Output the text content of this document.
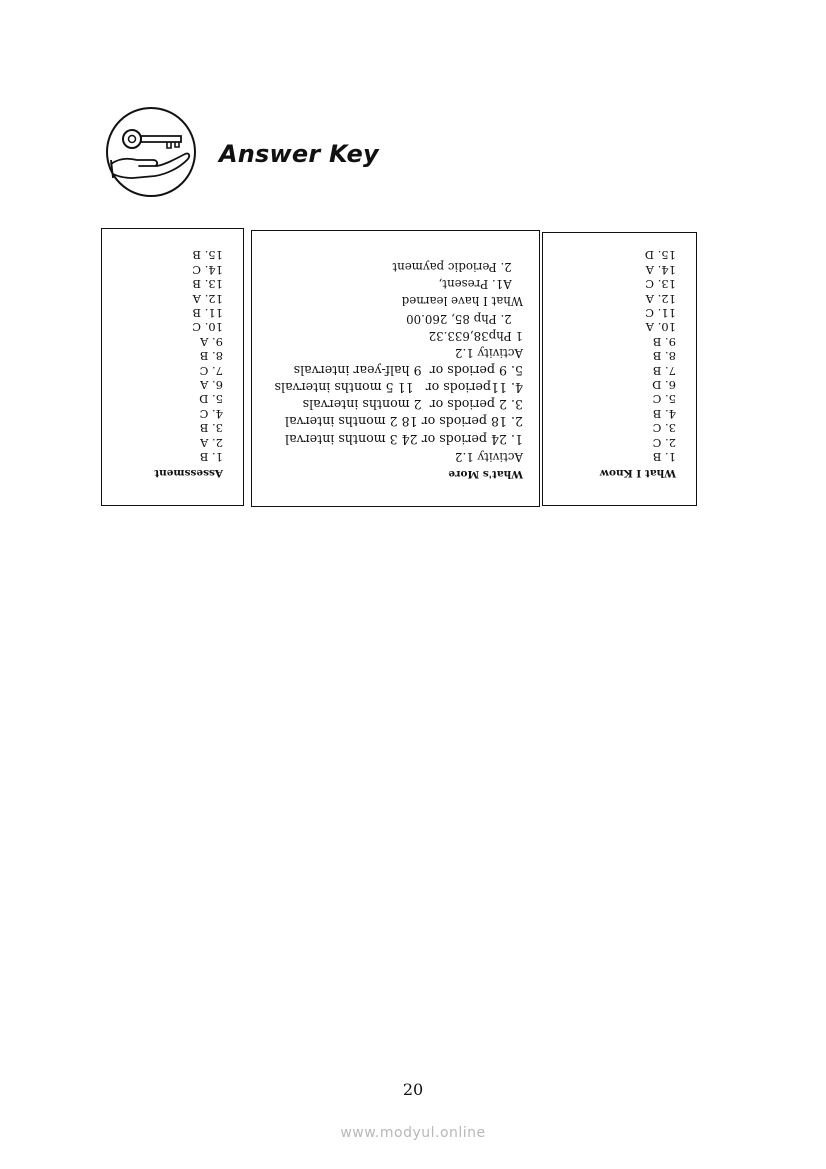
Answer Key
Assessment
1. B
2. A
3. B
4. C
5. D
6. A
7. C
8. B
9. A
10. C
11. B
12. A
13. B
14. C
15. B
What's More
Activity 1.2
1. 24 periods or 24 3 months interval
2. 18 periods or 18 2 months interval
3. 2 periods or  2 months intervals
4. 11periods or   11 5 months intervals
5. 9 periods or  9 half-year intervals
Activity 1.2
1 Php38,633.32
2. Php 85, 260.00
What I have learned
A1. Present,
2. Periodic payment
What I Know
1. B
2. C
3. C
4. B
5. C
6. D
7. B
8. B
9. B
10. A
11. C
12. A
13. C
14. A
15. D
20
www.modyul.online
